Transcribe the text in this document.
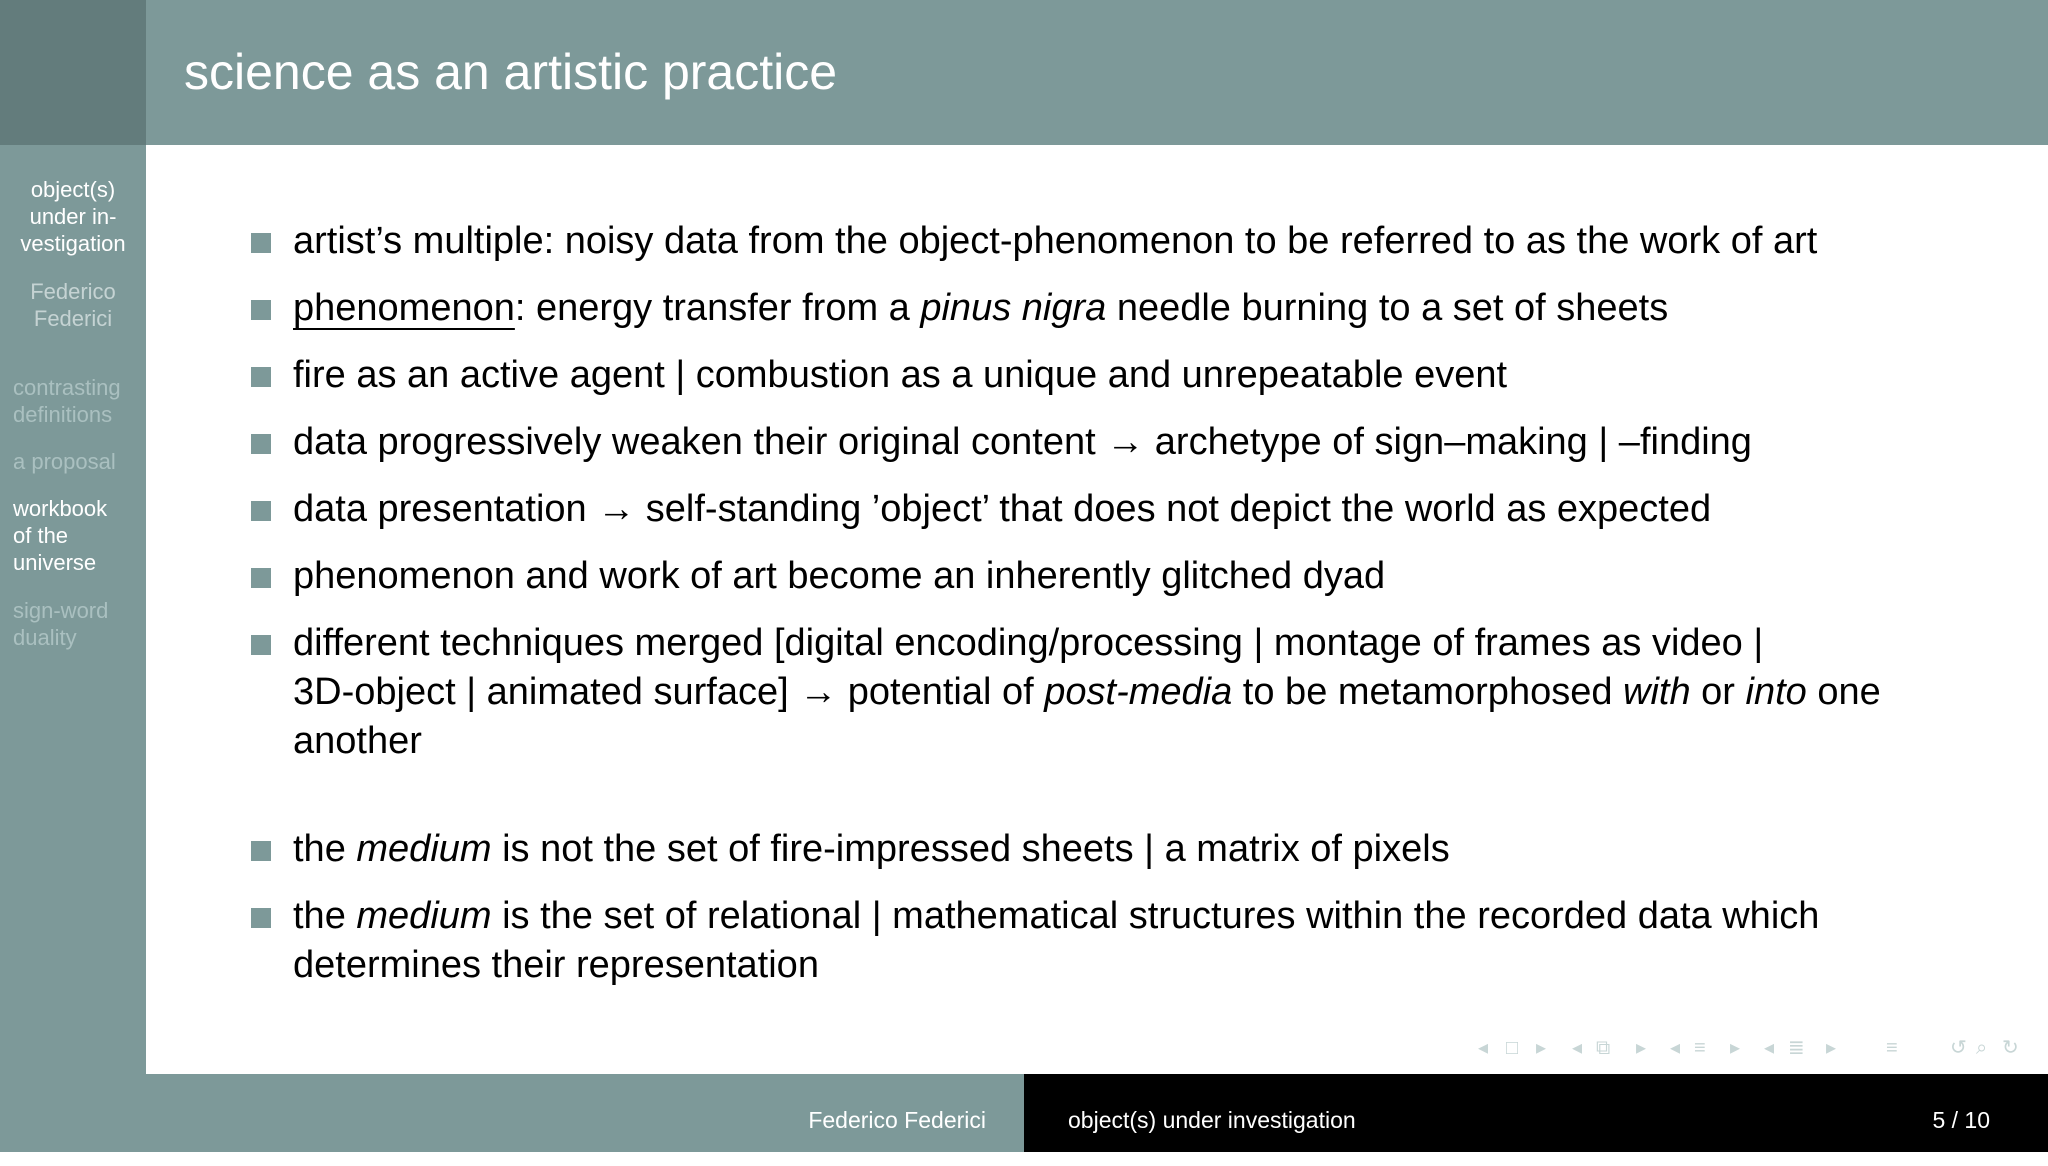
object(s)
under in-
vestigation
Federico
Federici
contrasting
definitions
a proposal
workbook
of the
universe
sign-word
duality
science as an artistic practice
artist’s multiple: noisy data from the object-phenomenon to be referred to as the work of art
phenomenon: energy transfer from a pinus nigra needle burning to a set of sheets
fire as an active agent | combustion as a unique and unrepeatable event
data progressively weaken their original content → archetype of sign–making | –finding
data presentation → self-standing ’object’ that does not depict the world as expected
phenomenon and work of art become an inherently glitched dyad
different techniques merged [digital encoding/processing | montage of frames as video |
3D-object | animated surface] → potential of post-media to be metamorphosed with or into one
another
the medium is not the set of fire-impressed sheets | a matrix of pixels
the medium is the set of relational | mathematical structures within the recorded data which
determines their representation
◂ □ ▸ ◂ ⧉ ▸ ◂ ≡ ▸ ◂ ≣ ▸ ≡	↺ ⌕ ↻
Federico Federici	object(s) under investigation	5 / 10
